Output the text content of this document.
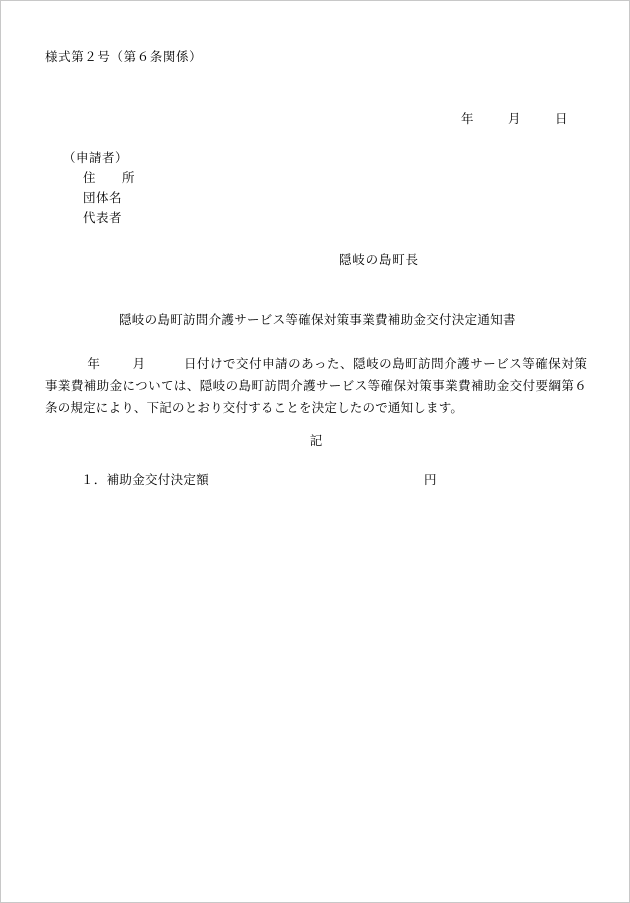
様式第２号（第６条関係）
年	月	日
（申請者）
住　　所
団体名
代表者
隠岐の島町長
隠岐の島町訪問介護サービス等確保対策事業費補助金交付決定通知書
年	月	日付けで交付申請のあった、隠岐の島町訪問介護サービス等確保対策事業費補助金については、隠岐の島町訪問介護サービス等確保対策事業費補助金交付要綱第６条の規定により、下記のとおり交付することを決定したので通知します。
記
１．補助金交付決定額	円
